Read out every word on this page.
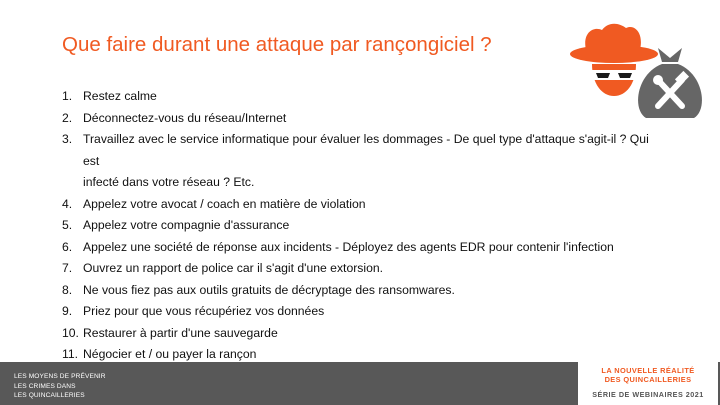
Que faire durant une attaque par rançongiciel ?
1. Restez calme
2. Déconnectez-vous du réseau/Internet
3. Travaillez avec le service informatique pour évaluer les dommages - De quel type d'attaque s'agit-il ? Qui est
infecté dans votre réseau ? Etc.
4. Appelez votre avocat / coach en matière de violation
5. Appelez votre compagnie d'assurance
6. Appelez une société de réponse aux incidents - Déployez des agents EDR pour contenir l'infection
7. Ouvrez un rapport de police car il s'agit d'une extorsion.
8. Ne vous fiez pas aux outils gratuits de décryptage des ransomwares.
9. Priez pour que vous récupériez vos données
10. Restaurer à partir d'une sauvegarde
11. Négocier et / ou payer la rançon
LES MOYENS DE PRÉVENIR
LES CRIMES DANS
LES QUINCAILLERIES
LA NOUVELLE RÉALITÉ
DES QUINCAILLERIES
SÉRIE DE WEBINAIRES 2021
